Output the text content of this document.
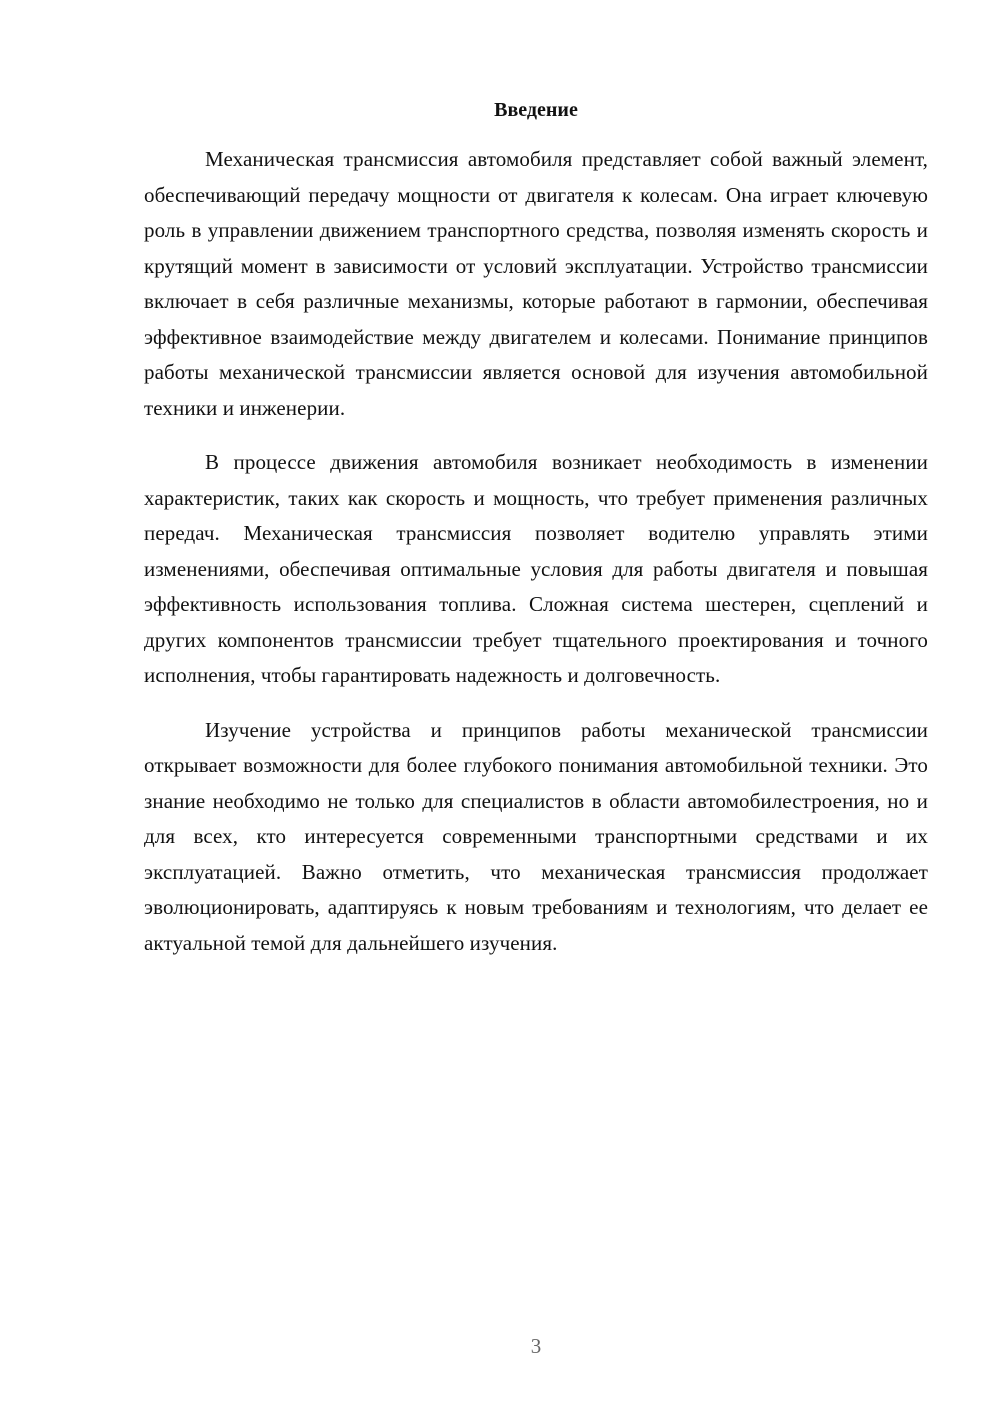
Введение

Механическая трансмиссия автомобиля представляет собой важный элемент, обеспечивающий передачу мощности от двигателя к колесам. Она играет ключевую роль в управлении движением транспортного средства, позволяя изменять скорость и крутящий момент в зависимости от условий эксплуатации. Устройство трансмиссии включает в себя различные механизмы, которые работают в гармонии, обеспечивая эффективное взаимодействие между двигателем и колесами. Понимание принципов работы механической трансмиссии является основой для изучения автомобильной техники и инженерии.

В процессе движения автомобиля возникает необходимость в изменении характеристик, таких как скорость и мощность, что требует применения различных передач. Механическая трансмиссия позволяет водителю управлять этими изменениями, обеспечивая оптимальные условия для работы двигателя и повышая эффективность использования топлива. Сложная система шестерен, сцеплений и других компонентов трансмиссии требует тщательного проектирования и точного исполнения, чтобы гарантировать надежность и долговечность.

Изучение устройства и принципов работы механической трансмиссии открывает возможности для более глубокого понимания автомобильной техники. Это знание необходимо не только для специалистов в области автомобилестроения, но и для всех, кто интересуется современными транспортными средствами и их эксплуатацией. Важно отметить, что механическая трансмиссия продолжает эволюционировать, адаптируясь к новым требованиям и технологиям, что делает ее актуальной темой для дальнейшего изучения.

3
